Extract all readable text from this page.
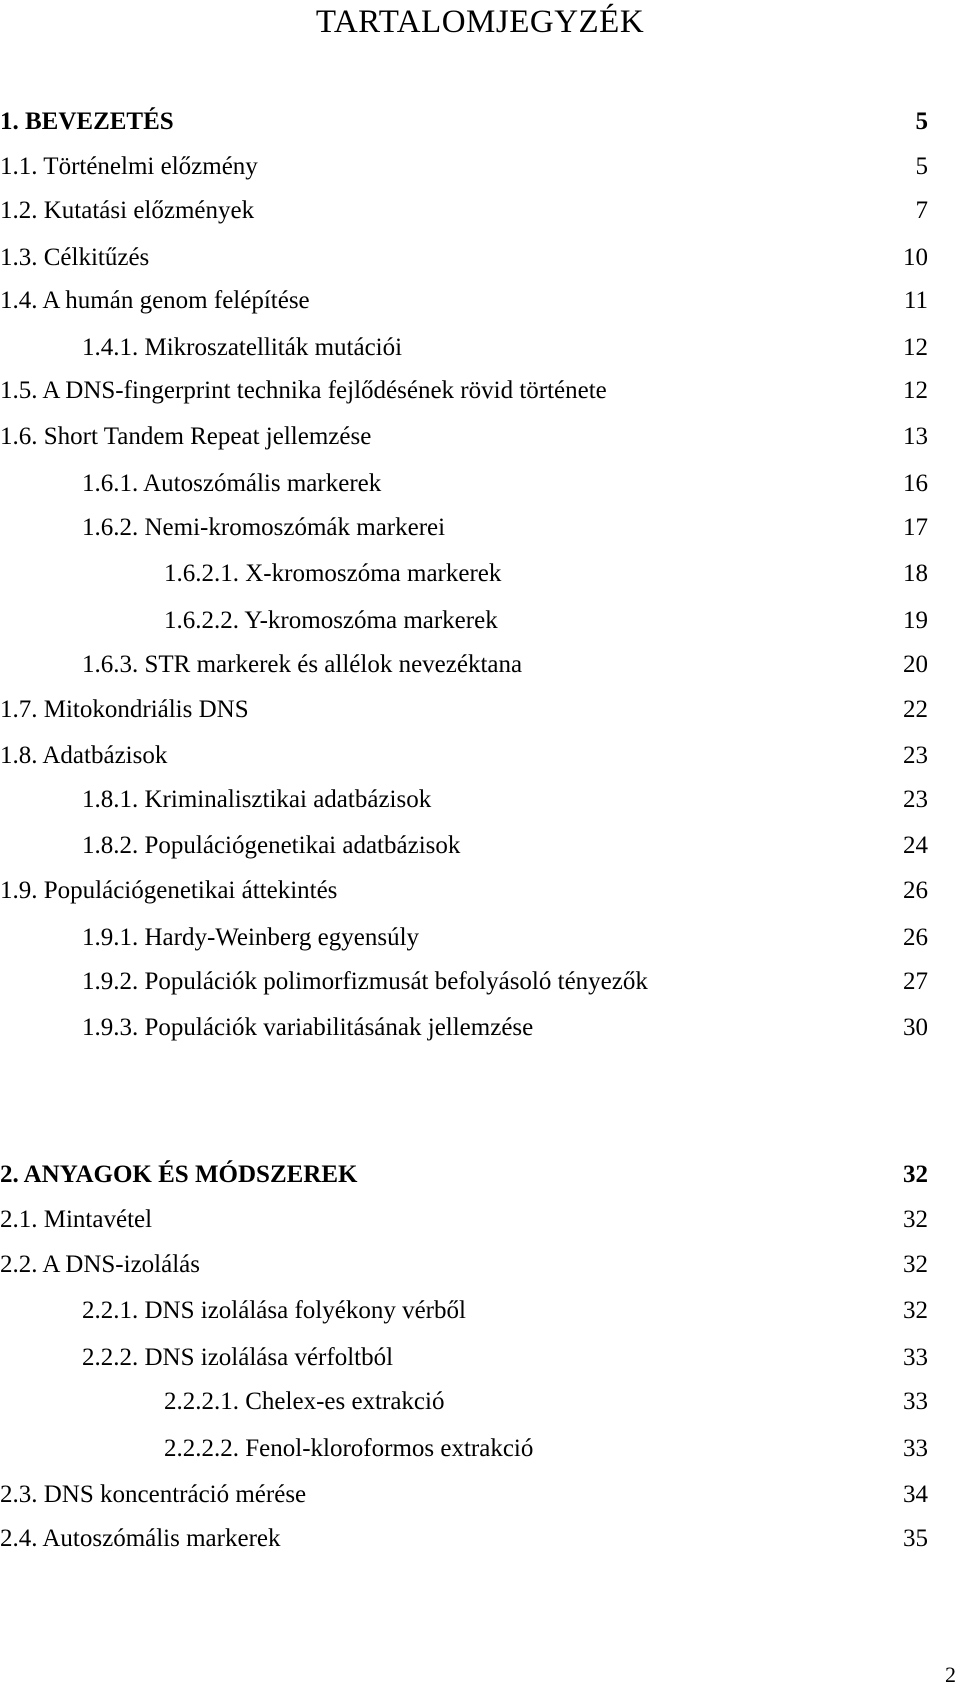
TARTALOMJEGYZÉK
1. BEVEZETÉS	5
1.1. Történelmi előzmény	5
1.2. Kutatási előzmények	7
1.3. Célkitűzés	10
1.4. A humán genom felépítése	11
1.4.1. Mikroszatelliták mutációi	12
1.5. A DNS-fingerprint technika fejlődésének rövid története	12
1.6. Short Tandem Repeat jellemzése	13
1.6.1. Autoszómális markerek	16
1.6.2. Nemi-kromoszómák markerei	17
1.6.2.1. X-kromoszóma markerek	18
1.6.2.2. Y-kromoszóma markerek	19
1.6.3. STR markerek és allélok nevezéktana	20
1.7. Mitokondriális DNS	22
1.8. Adatbázisok	23
1.8.1. Kriminalisztikai adatbázisok	23
1.8.2. Populációgenetikai adatbázisok	24
1.9. Populációgenetikai áttekintés	26
1.9.1. Hardy-Weinberg egyensúly	26
1.9.2. Populációk polimorfizmusát befolyásoló tényezők	27
1.9.3. Populációk variabilitásának jellemzése	30
2. ANYAGOK ÉS MÓDSZEREK	32
2.1. Mintavétel	32
2.2. A DNS-izolálás	32
2.2.1. DNS izolálása folyékony vérből	32
2.2.2. DNS izolálása vérfoltból	33
2.2.2.1. Chelex-es extrakció	33
2.2.2.2. Fenol-kloroformos extrakció	33
2.3. DNS koncentráció mérése	34
2.4. Autoszómális markerek	35
2
